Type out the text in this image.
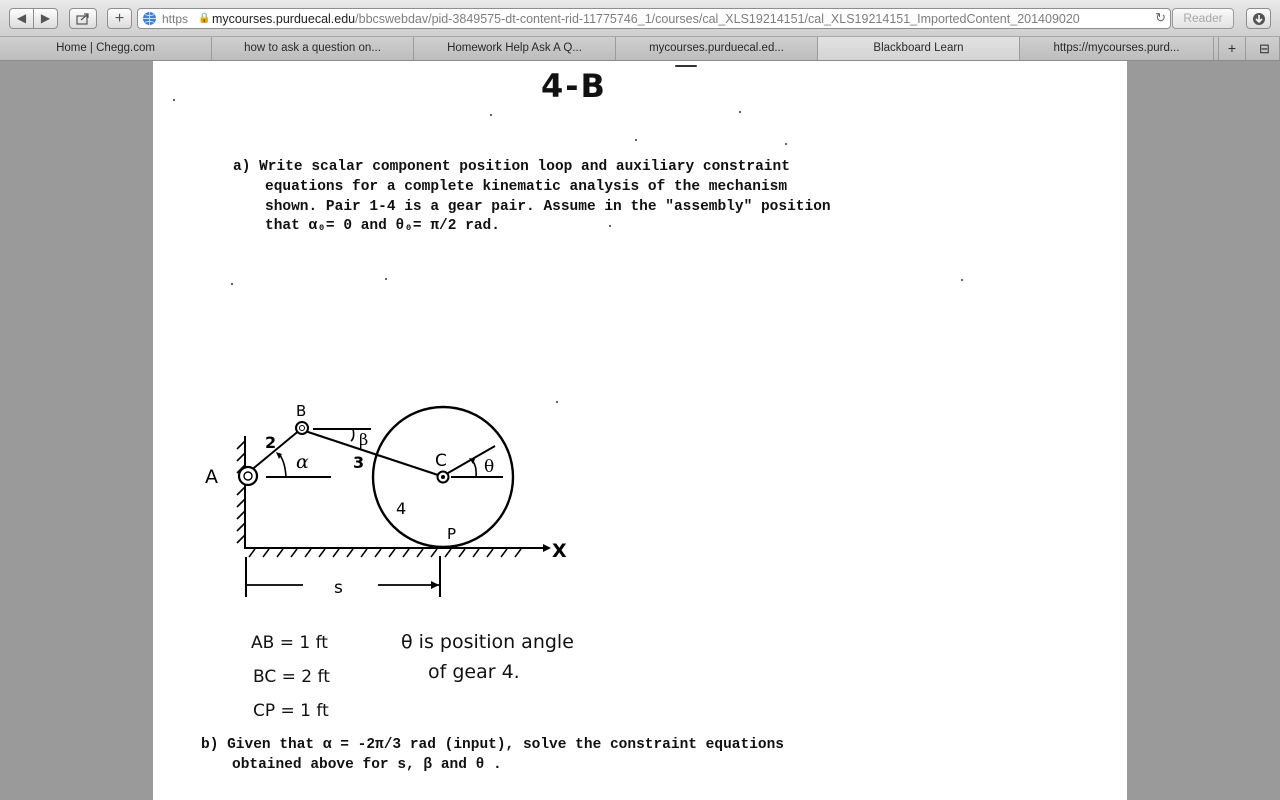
◀	▶	+	https 🔒 mycourses.purduecal.edu/bbcswebdav/pid-3849575-dt-content-rid-11775746_1/courses/cal_XLS19214151/cal_XLS19214151_ImportedContent_201409020	↻	Reader
Home | Chegg.com	how to ask a question on...	Homework Help Ask A Q...	mycourses.purduecal.ed...	Blackboard Learn	https://mycourses.purd...	+	⊟
4-B
a) Write scalar component position loop and auxiliary constraint
equations for a complete kinematic analysis of the mechanism
shown. Pair 1-4 is a gear pair. Assume in the "assembly" position
that α₀= 0 and θ₀= π/2 rad.
A
B
C
P
X
2
3
4
α
β
θ
s
AB = 1 ft
BC = 2 ft
CP = 1 ft
θ is position angle
of gear 4.
b) Given that α = -2π/3 rad (input), solve the constraint equations
obtained above for s, β and θ .
